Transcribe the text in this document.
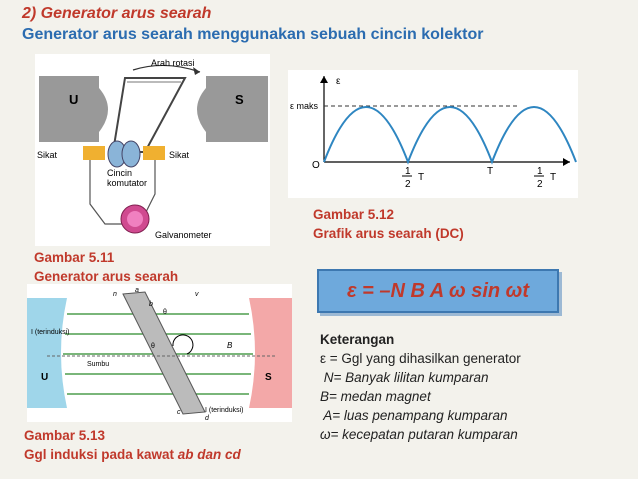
2) Generator arus searah
Generator arus searah menggunakan sebuah cincin kolektor
U	S
Arah rotasi
Sikat	Sikat
Cincin
komutator
Galvanometer
Gambar 5.11
Generator arus searah
ε
ε maks
O
1
2
T
T	1
2
T
Gambar 5.12
Grafik arus searah (DC)
I (terinduksi)
I (terinduksi)
U	S
Sumbu
B
a
b
c
d
θ
θ
v
n
Gambar 5.13
Ggl induksi pada kawat ab dan cd
ε = –N B A ω sin ωt
Keterangan
ε = Ggl yang dihasilkan generator
N= Banyak lilitan kumparan
B= medan magnet
A= luas penampang kumparan
ω= kecepatan putaran kumparan
